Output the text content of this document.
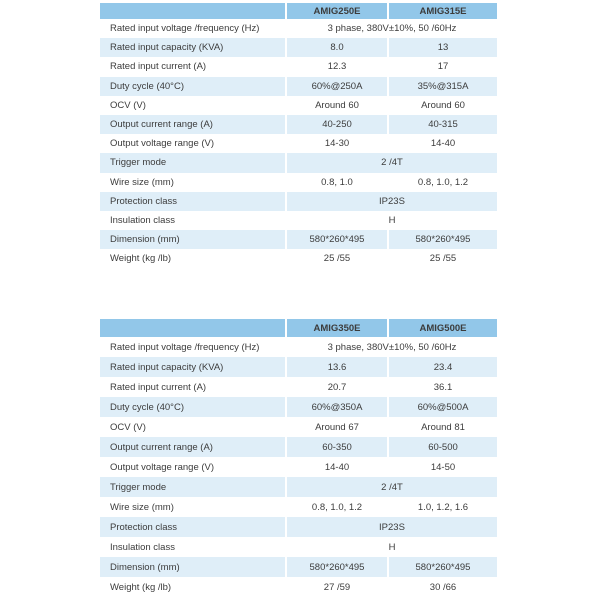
	AMIG250E	AMIG315E
Rated input voltage /frequency (Hz)	3 phase, 380V±10%, 50 /60Hz	
Rated input capacity (KVA)	8.0	13
Rated input current (A)	12.3	17
Duty cycle (40°C)	60%@250A	35%@315A
OCV (V)	Around 60	Around 60
Output current range (A)	40-250	40-315
Output voltage range (V)	14-30	14-40
Trigger mode	2 /4T	
Wire size (mm)	0.8, 1.0	0.8, 1.0, 1.2
Protection class	IP23S	
Insulation class	H	
Dimension (mm)	580*260*495	580*260*495
Weight (kg /lb)	25 /55	25 /55
	AMIG350E	AMIG500E
Rated input voltage /frequency (Hz)	3 phase, 380V±10%, 50 /60Hz	
Rated input capacity (KVA)	13.6	23.4
Rated input current (A)	20.7	36.1
Duty cycle (40°C)	60%@350A	60%@500A
OCV (V)	Around 67	Around 81
Output current range (A)	60-350	60-500
Output voltage range (V)	14-40	14-50
Trigger mode	2 /4T	
Wire size (mm)	0.8, 1.0, 1.2	1.0, 1.2, 1.6
Protection class	IP23S	
Insulation class	H	
Dimension (mm)	580*260*495	580*260*495
Weight (kg /lb)	27 /59	30 /66
